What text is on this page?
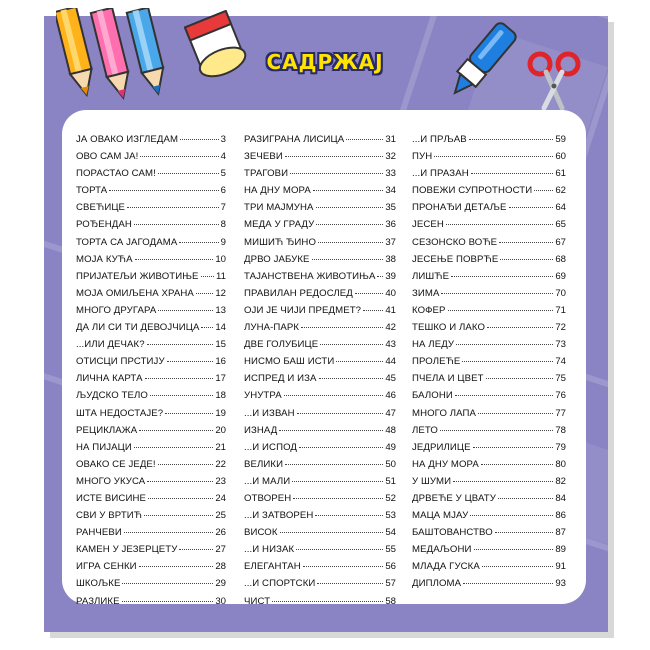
САДРЖАЈ
ЈА ОВАКО ИЗГЛЕДАМ	3
ОВО САМ ЈА!	4
ПОРАСТАО САМ!	5
ТОРТА	6
СВЕЋИЦЕ	7
РОЂЕНДАН	8
ТОРТА СА ЈАГОДАМА	9
МОЈА КУЋА	10
ПРИЈАТЕЉИ ЖИВОТИЊЕ 11
МОЈА ОМИЉЕНА ХРАНА 12
МНОГО ДРУГАРА	13
ДА ЛИ СИ ТИ ДЕВОЈЧИЦА 14
...ИЛИ ДЕЧАК?	15
ОТИСЦИ ПРСТИЈУ	16
ЛИЧНА КАРТА	17
ЉУДСКО ТЕЛО	18
ШТА НЕДОСТАЈЕ?	19
РЕЦИКЛАЖА	20
НА ПИЈАЦИ	21
ОВАКО СЕ ЈЕДЕ!	22
МНОГО УКУСА	23
ИСТЕ ВИСИНЕ	24
СВИ У ВРТИЋ	25
РАНЧЕВИ	26
КАМЕН У ЈЕЗЕРЦЕТУ	27
ИГРА СЕНКИ	28
ШКОЉКЕ	29
РАЗЛИКЕ	30
РАЗИГРАНА ЛИСИЦА	31
ЗЕЧЕВИ	32
ТРАГОВИ	33
НА ДНУ МОРА	34
ТРИ МАЈМУНА	35
МЕДА У ГРАДУ	36
МИШИЋ ЂИНО	37
ДРВО ЈАБУКЕ	38
ТАЈАНСТВЕНА ЖИВОТИЊА 39
ПРАВИЛАН РЕДОСЛЕД	40
ОЈИ ЈЕ ЧИЈИ ПРЕДМЕТ?	41
ЛУНА-ПАРК	42
ДВЕ ГОЛУБИЦЕ	43
НИСМО БАШ ИСТИ	44
ИСПРЕД И ИЗА	45
УНУТРА	46
...И ИЗВАН	47
ИЗНАД	48
...И ИСПОД	49
ВЕЛИКИ	50
...И МАЛИ	51
ОТВОРЕН	52
...И ЗАТВОРЕН	53
ВИСОК	54
...И НИЗАК	55
ЕЛЕГАНТАН	56
...И СПОРТСКИ	57
ЧИСТ	58
...И ПРЉАВ	59
ПУН	60
...И ПРАЗАН	61
ПОВЕЖИ СУПРОТНОСТИ 62
ПРОНАЂИ ДЕТАЉЕ	64
ЈЕСЕН	65
СЕЗОНСКО ВОЋЕ	67
ЈЕСЕЊЕ ПОВРЋЕ	68
ЛИШЋЕ	69
ЗИМА	70
КОФЕР	71
ТЕШКО И ЛАКО	72
НА ЛЕДУ	73
ПРОЛЕЋЕ	74
ПЧЕЛА И ЦВЕТ	75
БАЛОНИ	76
МНОГО ЛАПА	77
ЛЕТО	78
ЈЕДРИЛИЦЕ	79
НА ДНУ МОРА	80
У ШУМИ	82
ДРВЕЋЕ У ЦВАТУ	84
МАЦА МЈАУ	86
БАШТОВАНСТВО	87
МЕДАЉОНИ	89
МЛАДА ГУСКА	91
ДИПЛОМА	93
